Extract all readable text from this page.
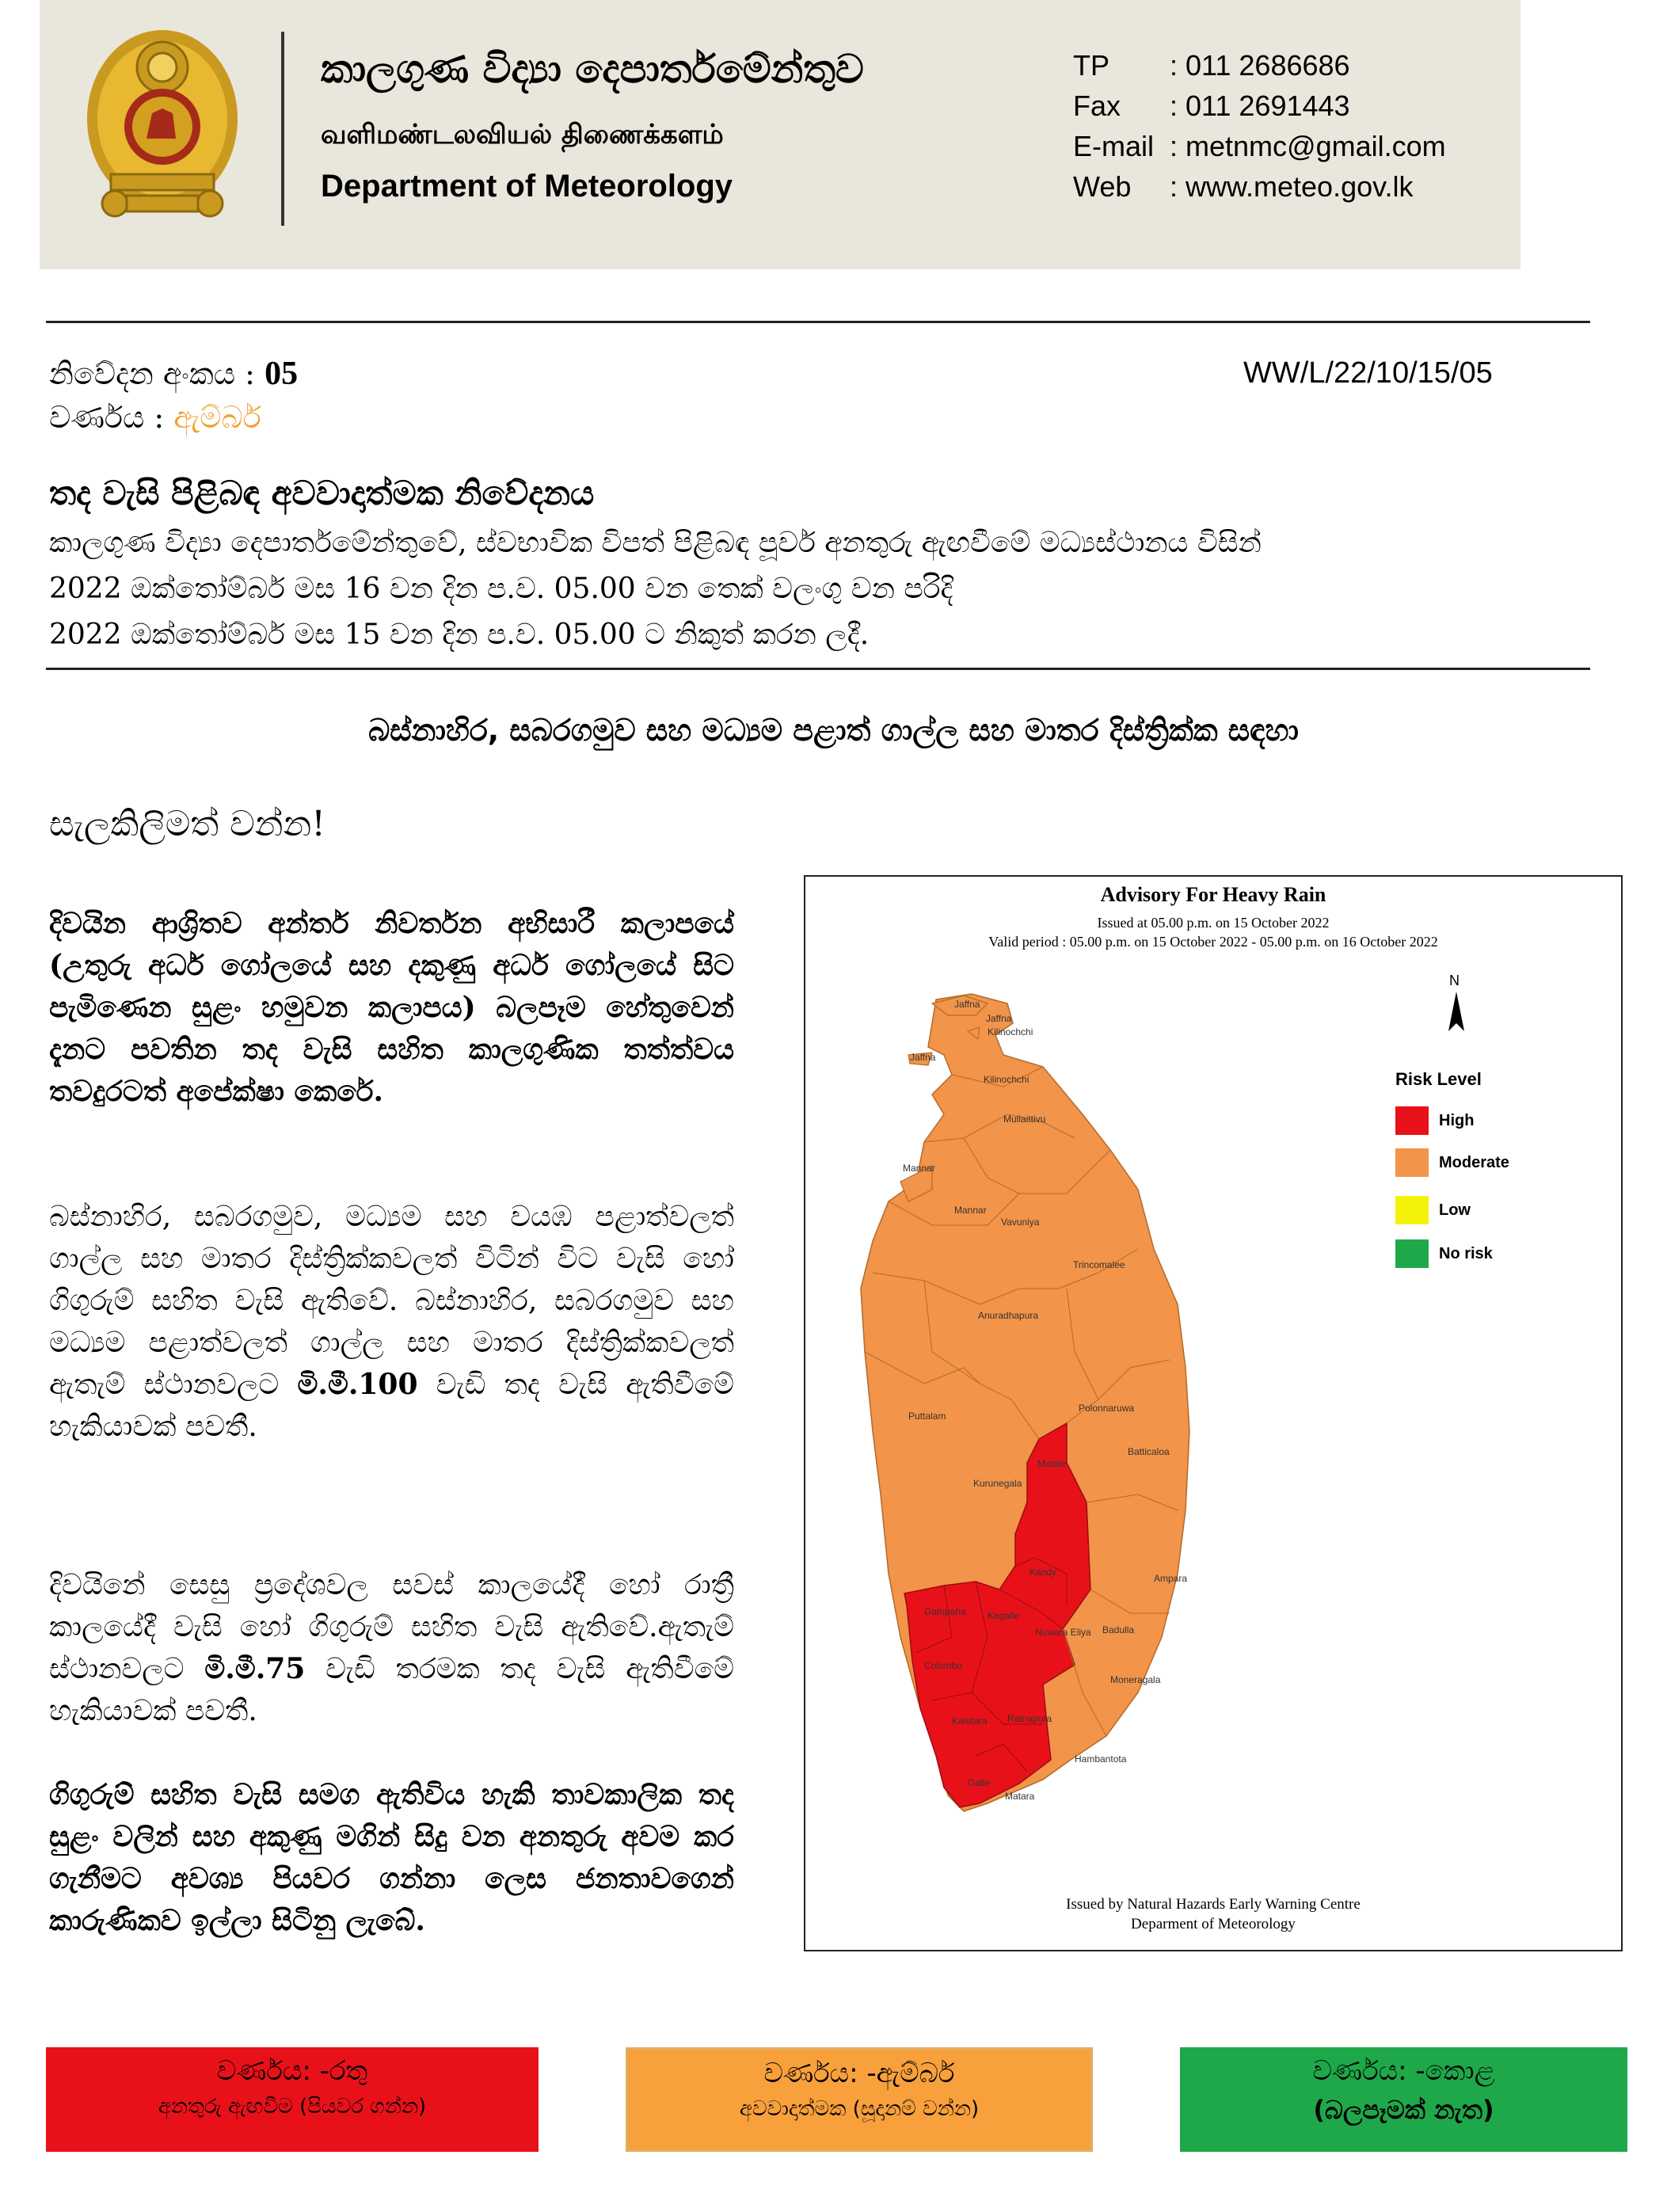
කාලගුණ විද්‍යා දෙපාර්තමේන්තුව
வளிமண்டலவியல் திணைக்களம்
Department of Meteorology
TP : 011 2686686
Fax : 011 2691443
E-mail : metnmc@gmail.com
Web : www.meteo.gov.lk
නිවේදන අංකය : 05	WW/L/22/10/15/05
වර්ණය : ඇම්බර්
තද වැසි පිළිබඳ අවවාදාත්මක නිවේදනය
කාලගුණ විද්‍යා දෙපාර්තමේන්තුවේ, ස්වභාවික විපත් පිළිබඳ පූර්ව අනතුරු ඇඟවීමේ මධ්‍යස්ථානය විසින්
2022 ඔක්තෝම්බර් මස 16 වන දින ප.ව. 05.00 වන තෙක් වලංගු වන පරිදි
2022 ඔක්තෝම්බර් මස 15 වන දින ප.ව. 05.00 ට නිකුත් කරන ලදී.
බස්නාහිර, සබරගමුව සහ මධ්‍යම පළාත් ගාල්ල සහ මාතර දිස්ත්‍රික්ක සඳහා
සැලකිලිමත් වන්න!
දිවයින ආශ්‍රිතව අන්තර් නිවර්තන අභිසාරී කලාපයේ (උතුරු අර්ධ ගෝලයේ සහ දකුණු අර්ධ ගෝලයේ සිට පැමිණෙන සුළං හමුවන කලාපය) බලපෑම හේතුවෙන් දැනට පවතින තද වැසි සහිත කාලගුණික තත්ත්වය තවදුරටත් අපේක්ෂා කෙරේ.
බස්නාහිර, සබරගමුව, මධ්‍යම සහ වයඹ පළාත්වලත් ගාල්ල සහ මාතර දිස්ත්‍රික්කවලත් විටින් විට වැසි හෝ ගිගුරුම් සහිත වැසි ඇතිවේ. බස්නාහිර, සබරගමුව සහ මධ්‍යම පළාත්වලත් ගාල්ල සහ මාතර දිස්ත්‍රික්කවලත් ඇතැම් ස්ථානවලට මි.මී.100 වැඩි තද වැසි ඇතිවීමේ හැකියාවක් පවතී.
දිවයිනේ සෙසු ප්‍රදේශවල සවස් කාලයේදී හෝ රාත්‍රී කාලයේදී වැසි හෝ ගිගුරුම් සහිත වැසි ඇතිවේ.ඇතැම් ස්ථානවලට මි.මී.75 වැඩි තරමක තද වැසි ඇතිවීමේ හැකියාවක් පවතී.
ගිගුරුම් සහිත වැසි සමග ඇතිවිය හැකි තාවකාලික තද සුළං වලින් සහ අකුණු මගින් සිදු වන අනතුරු අවම කර ගැනීමට අවශ්‍ය පියවර ගන්නා ලෙස ජනතාවගෙන් කාරුණිකව ඉල්ලා සිටිනු ලැබේ.
Advisory For Heavy Rain
Issued at 05.00 p.m. on 15 October 2022
Valid period : 05.00 p.m. on 15 October 2022 - 05.00 p.m. on 16 October 2022
Jaffna
Jaffna
Kilinochchi
Jaffna
Kilinochchi
Mullaittivu
Mannar
Mannar
Vavuniya
Trincomalee
Anuradhapura
Puttalam
Polonnaruwa
Batticaloa
Kurunegala
Matale
Kandy
Ampara
Gampaha Kegalle
Nuwara Eliya Badulla
Colombo
Moneragala
Kalutara Ratnapura
Hambantota
Galle
Matara
N
Risk Level
High
Moderate
Low
No risk
Issued by Natural Hazards Early Warning Centre
Deparment of Meteorology
වර්ණය: -රතු
අනතුරු ඇඟවීම (පියවර ගන්න)
වර්ණය: -ඇම්බර්
අවවාදාත්මක (සූදානම් වන්න)
වර්ණය: -කොළ
(බලපෑමක් නැත)
